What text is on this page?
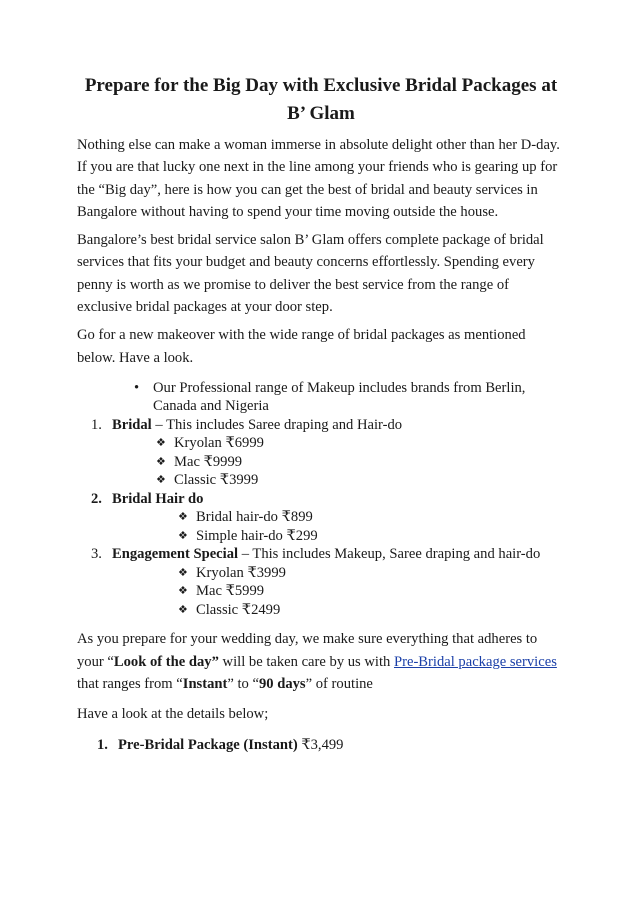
Prepare for the Big Day with Exclusive Bridal Packages at B’ Glam

Nothing else can make a woman immerse in absolute delight other than her D-day. If you are that lucky one next in the line among your friends who is gearing up for the “Big day”, here is how you can get the best of bridal and beauty services in Bangalore without having to spend your time moving outside the house.

Bangalore’s best bridal service salon B’ Glam offers complete package of bridal services that fits your budget and beauty concerns effortlessly. Spending every penny is worth as we promise to deliver the best service from the range of exclusive bridal packages at your door step.

Go for a new makeover with the wide range of bridal packages as mentioned below. Have a look.

• Our Professional range of Makeup includes brands from Berlin, Canada and Nigeria
1. Bridal – This includes Saree draping and Hair-do
❖ Kryolan ₹6999
❖ Mac ₹9999
❖ Classic ₹3999
2. Bridal Hair do
❖ Bridal hair-do ₹899
❖ Simple hair-do ₹299
3. Engagement Special – This includes Makeup, Saree draping and hair-do
❖ Kryolan ₹3999
❖ Mac ₹5999
❖ Classic ₹2499

As you prepare for your wedding day, we make sure everything that adheres to your “Look of the day” will be taken care by us with Pre-Bridal package services that ranges from “Instant” to “90 days” of routine

Have a look at the details below;

1. Pre-Bridal Package (Instant) ₹3,499
